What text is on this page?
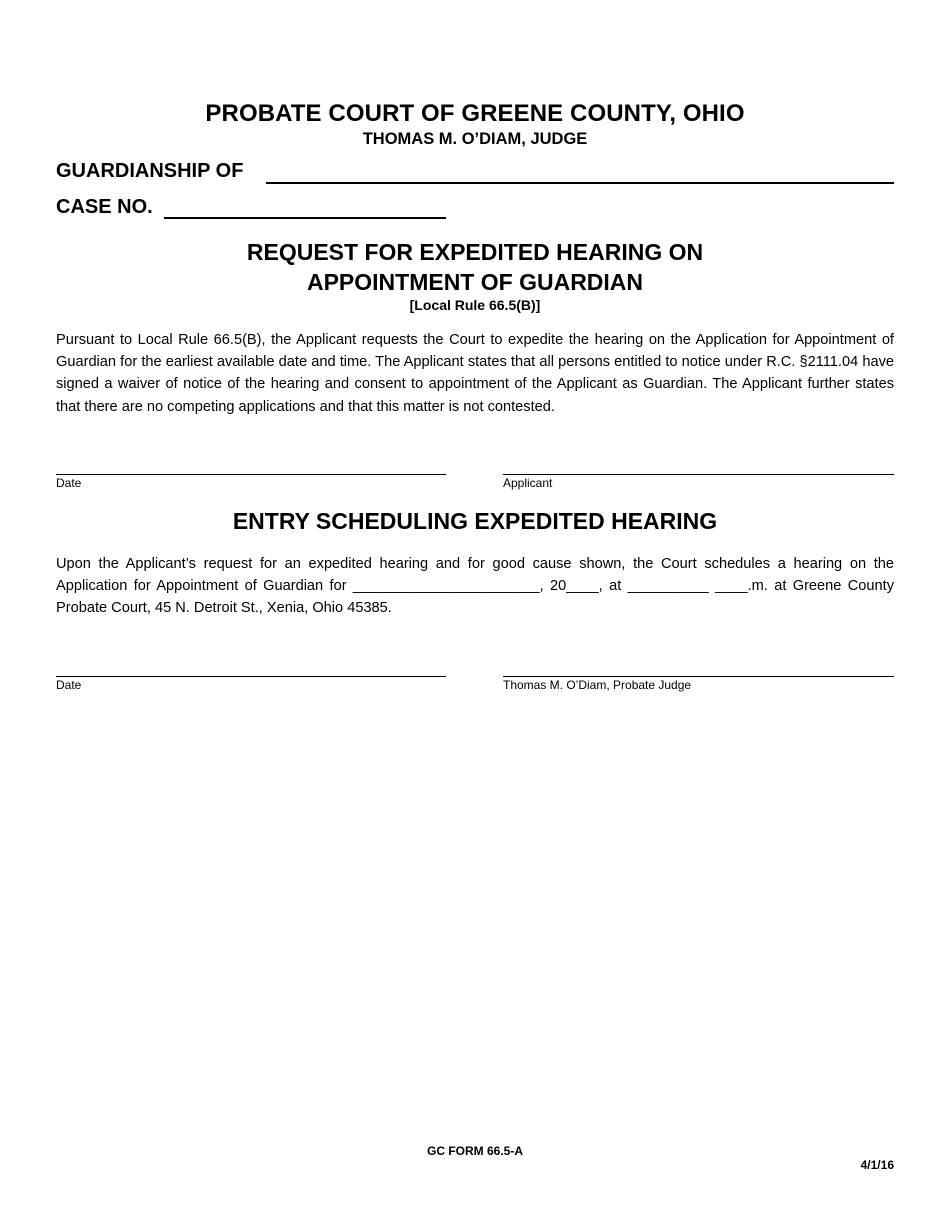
PROBATE COURT OF GREENE COUNTY, OHIO
THOMAS M. O’DIAM, JUDGE
GUARDIANSHIP OF
CASE NO.
REQUEST FOR EXPEDITED HEARING ON
APPOINTMENT OF GUARDIAN
[Local Rule 66.5(B)]
Pursuant to Local Rule 66.5(B), the Applicant requests the Court to expedite the hearing on the Application for Appointment of Guardian for the earliest available date and time. The Applicant states that all persons entitled to notice under R.C. §2111.04 have signed a waiver of notice of the hearing and consent to appointment of the Applicant as Guardian. The Applicant further states that there are no competing applications and that this matter is not contested.
Date	Applicant
ENTRY SCHEDULING EXPEDITED HEARING
Upon the Applicant’s request for an expedited hearing and for good cause shown, the Court schedules a hearing on the Application for Appointment of Guardian for _______________________, 20____, at __________ ____.m. at Greene County Probate Court, 45 N. Detroit St., Xenia, Ohio 45385.
Date	Thomas M. O’Diam, Probate Judge
GC FORM 66.5-A
4/1/16
